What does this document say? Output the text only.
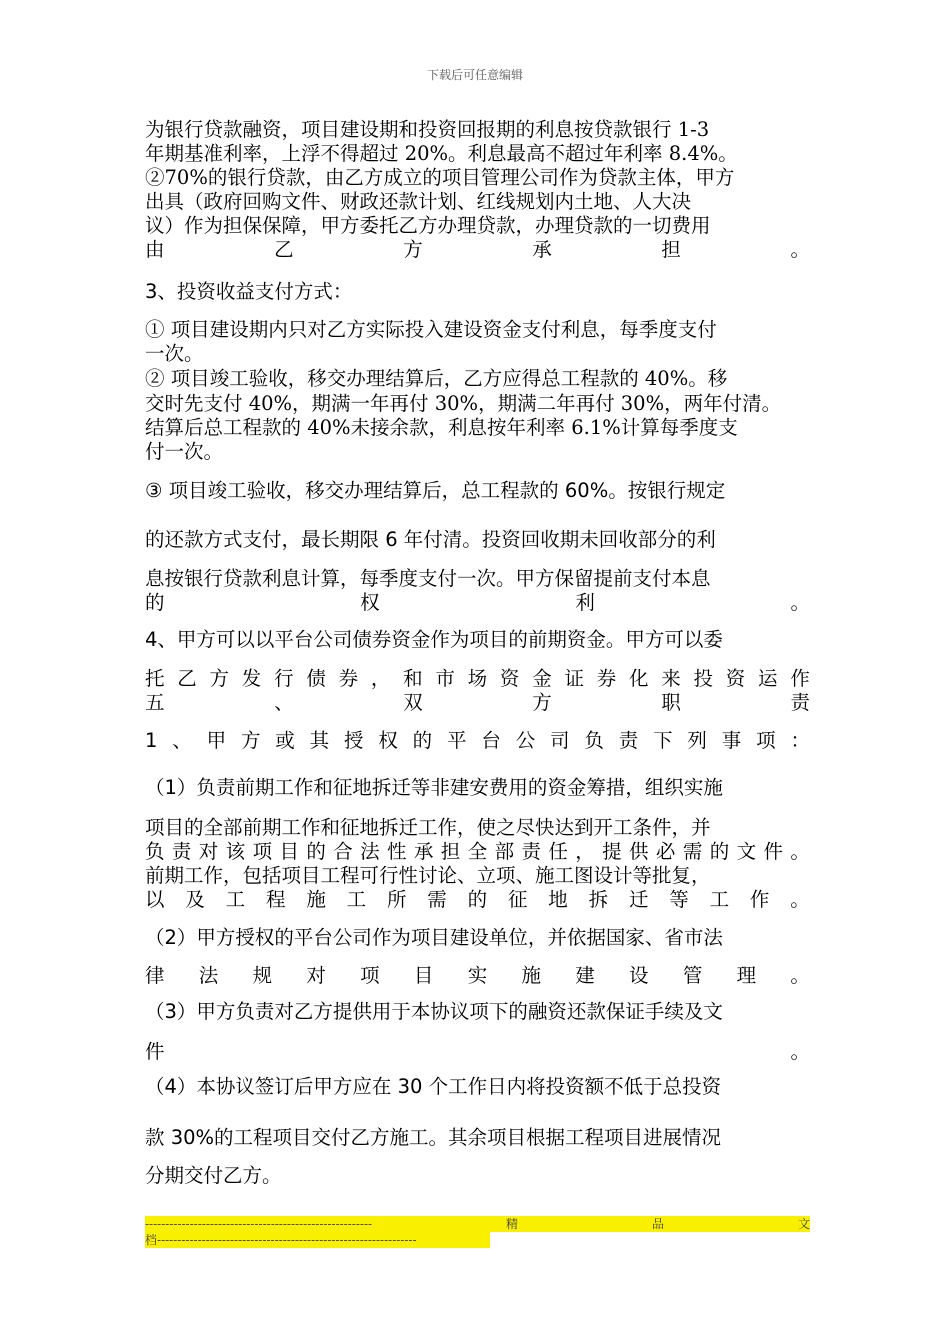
下载后可任意编辑
为银行贷款融资，项目建设期和投资回报期的利息按贷款银行 1-3
年期基准利率，上浮不得超过 20%。利息最高不超过年利率 8.4%。
②70%的银行贷款，由乙方成立的项目管理公司作为贷款主体，甲方
出具（政府回购文件、财政还款计划、红线规划内土地、人大决
议）作为担保保障，甲方委托乙方办理贷款，办理贷款的一切费用
由	乙	方	承	担	。
3、投资收益支付方式：
① 项目建设期内只对乙方实际投入建设资金支付利息，每季度支付
一次。
② 项目竣工验收，移交办理结算后，乙方应得总工程款的 40%。移
交时先支付 40%，期满一年再付 30%，期满二年再付 30%，两年付清。
结算后总工程款的 40%未接余款，利息按年利率 6.1%计算每季度支
付一次。
③ 项目竣工验收，移交办理结算后，总工程款的 60%。按银行规定
的还款方式支付，最长期限 6 年付清。投资回收期未回收部分的利
息按银行贷款利息计算，每季度支付一次。甲方保留提前支付本息
的	权	利	。
4、甲方可以以平台公司债券资金作为项目的前期资金。甲方可以委
托 乙 方 发 行 债 券 ， 和 市 场 资 金 证 券 化 来 投 资 运 作
五	、	双	方	职	责
1 、 甲 方 或 其 授 权 的 平 台 公 司 负 责 下 列 事 项 ：
（1）负责前期工作和征地拆迁等非建安费用的资金筹措，组织实施
项目的全部前期工作和征地拆迁工作，使之尽快达到开工条件，并
负 责 对 该 项 目 的 合 法 性 承 担 全 部 责 任 ， 提 供 必 需 的 文 件 。
前期工作，包括项目工程可行性讨论、立项、施工图设计等批复，
以 及 工 程 施 工 所 需 的 征 地 拆 迁 等 工 作 。
（2）甲方授权的平台公司作为项目建设单位，并依据国家、省市法
律 法 规 对 项 目 实 施 建 设 管 理 。
（3）甲方负责对乙方提供用于本协议项下的融资还款保证手续及文
件	。
（4）本协议签订后甲方应在 30 个工作日内将投资额不低于总投资
款 30%的工程项目交付乙方施工。其余项目根据工程项目进展情况
分期交付乙方。
--------------------------------------------------------	精	品	文
档----------------------------------------------------------------
